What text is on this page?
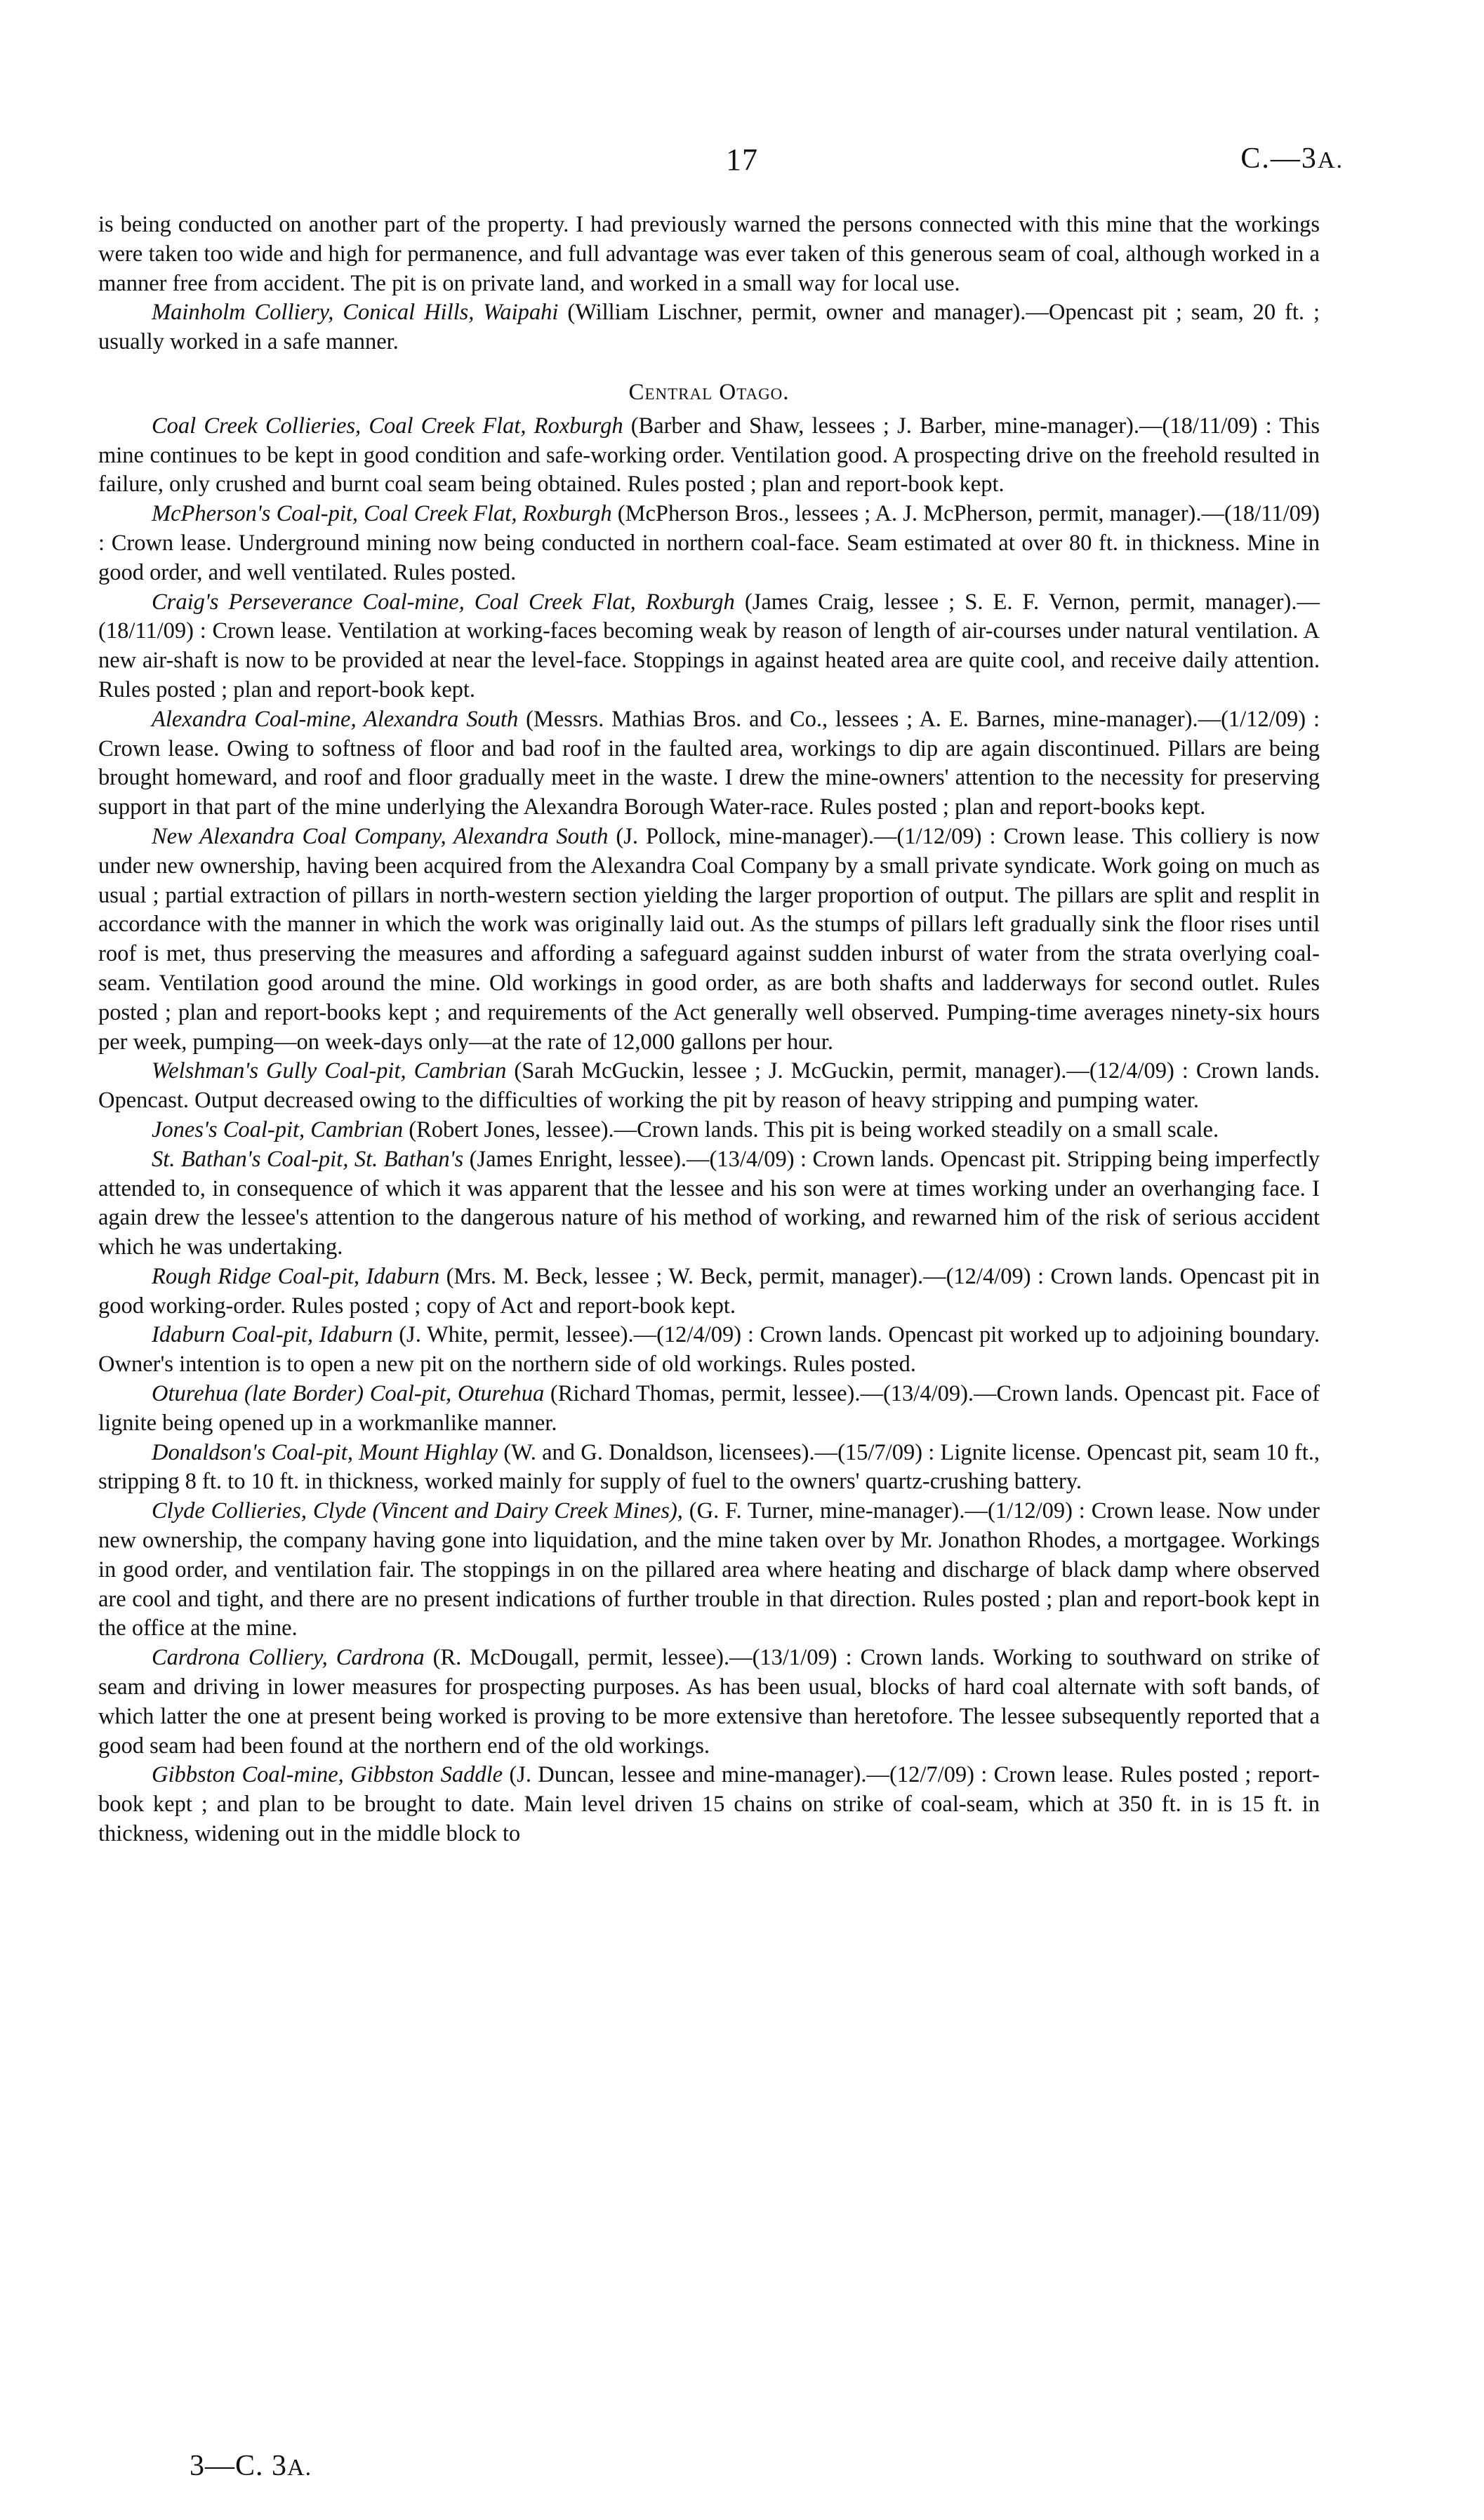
17	C.—3A.

is being conducted on another part of the property. I had previously warned the persons connected with this mine that the workings were taken too wide and high for permanence, and full advantage was ever taken of this generous seam of coal, although worked in a manner free from accident. The pit is on private land, and worked in a small way for local use.

Mainholm Colliery, Conical Hills, Waipahi (William Lischner, permit, owner and manager).—Opencast pit ; seam, 20 ft. ; usually worked in a safe manner.

Central Otago.

Coal Creek Collieries, Coal Creek Flat, Roxburgh (Barber and Shaw, lessees ; J. Barber, mine-manager).—(18/11/09) : This mine continues to be kept in good condition and safe-working order. Ventilation good. A prospecting drive on the freehold resulted in failure, only crushed and burnt coal seam being obtained. Rules posted ; plan and report-book kept.

McPherson's Coal-pit, Coal Creek Flat, Roxburgh (McPherson Bros., lessees ; A. J. McPherson, permit, manager).—(18/11/09) : Crown lease. Underground mining now being conducted in northern coal-face. Seam estimated at over 80 ft. in thickness. Mine in good order, and well ventilated. Rules posted.

Craig's Perseverance Coal-mine, Coal Creek Flat, Roxburgh (James Craig, lessee ; S. E. F. Vernon, permit, manager).—(18/11/09) : Crown lease. Ventilation at working-faces becoming weak by reason of length of air-courses under natural ventilation. A new air-shaft is now to be provided at near the level-face. Stoppings in against heated area are quite cool, and receive daily attention. Rules posted ; plan and report-book kept.

Alexandra Coal-mine, Alexandra South (Messrs. Mathias Bros. and Co., lessees ; A. E. Barnes, mine-manager).—(1/12/09) : Crown lease. Owing to softness of floor and bad roof in the faulted area, workings to dip are again discontinued. Pillars are being brought homeward, and roof and floor gradually meet in the waste. I drew the mine-owners' attention to the necessity for preserving support in that part of the mine underlying the Alexandra Borough Water-race. Rules posted ; plan and report-books kept.

New Alexandra Coal Company, Alexandra South (J. Pollock, mine-manager).—(1/12/09) : Crown lease. This colliery is now under new ownership, having been acquired from the Alexandra Coal Company by a small private syndicate. Work going on much as usual ; partial extraction of pillars in north-western section yielding the larger proportion of output. The pillars are split and resplit in accordance with the manner in which the work was originally laid out. As the stumps of pillars left gradually sink the floor rises until roof is met, thus preserving the measures and affording a safeguard against sudden inburst of water from the strata overlying coal-seam. Ventilation good around the mine. Old workings in good order, as are both shafts and ladderways for second outlet. Rules posted ; plan and report-books kept ; and requirements of the Act generally well observed. Pumping-time averages ninety-six hours per week, pumping—on week-days only—at the rate of 12,000 gallons per hour.

Welshman's Gully Coal-pit, Cambrian (Sarah McGuckin, lessee ; J. McGuckin, permit, manager).—(12/4/09) : Crown lands. Opencast. Output decreased owing to the difficulties of working the pit by reason of heavy stripping and pumping water.

Jones's Coal-pit, Cambrian (Robert Jones, lessee).—Crown lands. This pit is being worked steadily on a small scale.

St. Bathan's Coal-pit, St. Bathan's (James Enright, lessee).—(13/4/09) : Crown lands. Opencast pit. Stripping being imperfectly attended to, in consequence of which it was apparent that the lessee and his son were at times working under an overhanging face. I again drew the lessee's attention to the dangerous nature of his method of working, and rewarned him of the risk of serious accident which he was undertaking.

Rough Ridge Coal-pit, Idaburn (Mrs. M. Beck, lessee ; W. Beck, permit, manager).—(12/4/09) : Crown lands. Opencast pit in good working-order. Rules posted ; copy of Act and report-book kept.

Idaburn Coal-pit, Idaburn (J. White, permit, lessee).—(12/4/09) : Crown lands. Opencast pit worked up to adjoining boundary. Owner's intention is to open a new pit on the northern side of old workings. Rules posted.

Oturehua (late Border) Coal-pit, Oturehua (Richard Thomas, permit, lessee).—(13/4/09).—Crown lands. Opencast pit. Face of lignite being opened up in a workmanlike manner.

Donaldson's Coal-pit, Mount Highlay (W. and G. Donaldson, licensees).—(15/7/09) : Lignite license. Opencast pit, seam 10 ft., stripping 8 ft. to 10 ft. in thickness, worked mainly for supply of fuel to the owners' quartz-crushing battery.

Clyde Collieries, Clyde (Vincent and Dairy Creek Mines), (G. F. Turner, mine-manager).—(1/12/09) : Crown lease. Now under new ownership, the company having gone into liquidation, and the mine taken over by Mr. Jonathon Rhodes, a mortgagee. Workings in good order, and ventilation fair. The stoppings in on the pillared area where heating and discharge of black damp where observed are cool and tight, and there are no present indications of further trouble in that direction. Rules posted ; plan and report-book kept in the office at the mine.

Cardrona Colliery, Cardrona (R. McDougall, permit, lessee).—(13/1/09) : Crown lands. Working to southward on strike of seam and driving in lower measures for prospecting purposes. As has been usual, blocks of hard coal alternate with soft bands, of which latter the one at present being worked is proving to be more extensive than heretofore. The lessee subsequently reported that a good seam had been found at the northern end of the old workings.

Gibbston Coal-mine, Gibbston Saddle (J. Duncan, lessee and mine-manager).—(12/7/09) : Crown lease. Rules posted ; report-book kept ; and plan to be brought to date. Main level driven 15 chains on strike of coal-seam, which at 350 ft. in is 15 ft. in thickness, widening out in the middle block to

3—C. 3A.
